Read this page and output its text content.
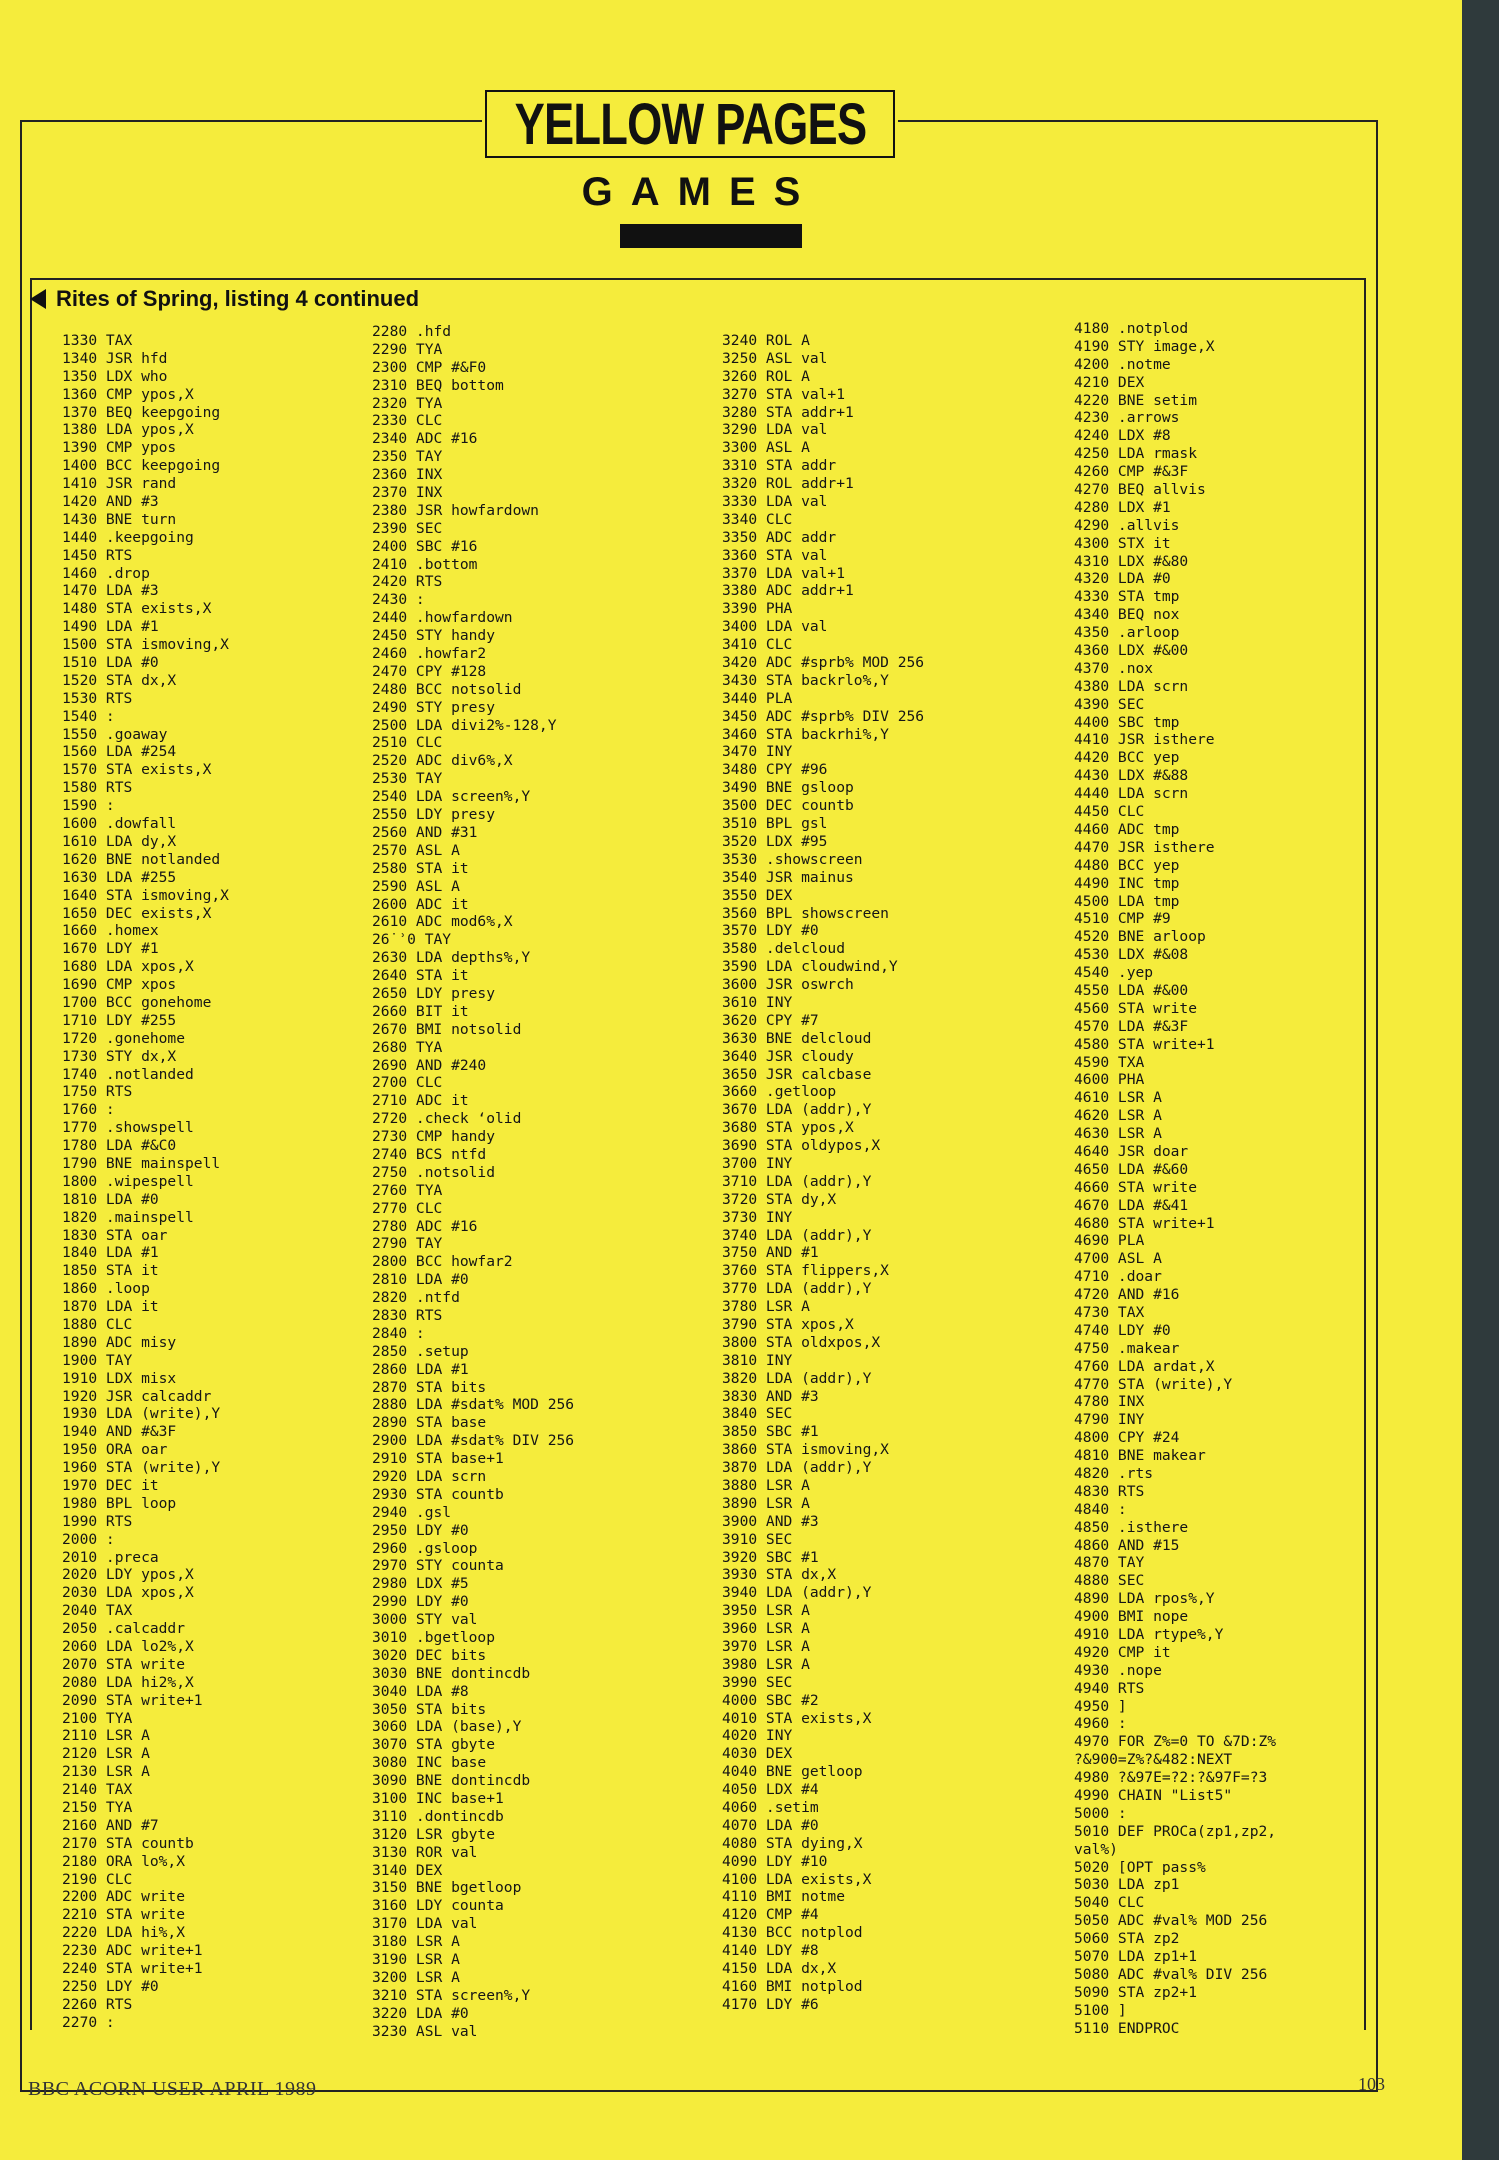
YELLOW PAGES
GAMES
Rites of Spring, listing 4 continued
1330 TAX
1340 JSR hfd
1350 LDX who
1360 CMP ypos,X
1370 BEQ keepgoing
1380 LDA ypos,X
1390 CMP ypos
1400 BCC keepgoing
1410 JSR rand
1420 AND #3
1430 BNE turn
1440 .keepgoing
1450 RTS
1460 .drop
1470 LDA #3
1480 STA exists,X
1490 LDA #1
1500 STA ismoving,X
1510 LDA #0
1520 STA dx,X
1530 RTS
1540 :
1550 .goaway
1560 LDA #254
1570 STA exists,X
1580 RTS
1590 :
1600 .dowfall
1610 LDA dy,X
1620 BNE notlanded
1630 LDA #255
1640 STA ismoving,X
1650 DEC exists,X
1660 .homex
1670 LDY #1
1680 LDA xpos,X
1690 CMP xpos
1700 BCC gonehome
1710 LDY #255
1720 .gonehome
1730 STY dx,X
1740 .notlanded
1750 RTS
1760 :
1770 .showspell
1780 LDA #&C0
1790 BNE mainspell
1800 .wipespell
1810 LDA #0
1820 .mainspell
1830 STA oar
1840 LDA #1
1850 STA it
1860 .loop
1870 LDA it
1880 CLC
1890 ADC misy
1900 TAY
1910 LDX misx
1920 JSR calcaddr
1930 LDA (write),Y
1940 AND #&3F
1950 ORA oar
1960 STA (write),Y
1970 DEC it
1980 BPL loop
1990 RTS
2000 :
2010 .preca
2020 LDY ypos,X
2030 LDA xpos,X
2040 TAX
2050 .calcaddr
2060 LDA lo2%,X
2070 STA write
2080 LDA hi2%,X
2090 STA write+1
2100 TYA
2110 LSR A
2120 LSR A
2130 LSR A
2140 TAX
2150 TYA
2160 AND #7
2170 STA countb
2180 ORA lo%,X
2190 CLC
2200 ADC write
2210 STA write
2220 LDA hi%,X
2230 ADC write+1
2240 STA write+1
2250 LDY #0
2260 RTS
2270 :
2280 .hfd
2290 TYA
2300 CMP #&F0
2310 BEQ bottom
2320 TYA
2330 CLC
2340 ADC #16
2350 TAY
2360 INX
2370 INX
2380 JSR howfardown
2390 SEC
2400 SBC #16
2410 .bottom
2420 RTS
2430 :
2440 .howfardown
2450 STY handy
2460 .howfar2
2470 CPY #128
2480 BCC notsolid
2490 STY presy
2500 LDA divi2%-128,Y
2510 CLC
2520 ADC div6%,X
2530 TAY
2540 LDA screen%,Y
2550 LDY presy
2560 AND #31
2570 ASL A
2580 STA it
2590 ASL A
2600 ADC it
2610 ADC mod6%,X
26˙ʾ0 TAY
2630 LDA depths%,Y
2640 STA it
2650 LDY presy
2660 BIT it
2670 BMI notsolid
2680 TYA
2690 AND #240
2700 CLC
2710 ADC it
2720 .check ʻolid
2730 CMP handy
2740 BCS ntfd
2750 .notsolid
2760 TYA
2770 CLC
2780 ADC #16
2790 TAY
2800 BCC howfar2
2810 LDA #0
2820 .ntfd
2830 RTS
2840 :
2850 .setup
2860 LDA #1
2870 STA bits
2880 LDA #sdat% MOD 256
2890 STA base
2900 LDA #sdat% DIV 256
2910 STA base+1
2920 LDA scrn
2930 STA countb
2940 .gsl
2950 LDY #0
2960 .gsloop
2970 STY counta
2980 LDX #5
2990 LDY #0
3000 STY val
3010 .bgetloop
3020 DEC bits
3030 BNE dontincdb
3040 LDA #8
3050 STA bits
3060 LDA (base),Y
3070 STA gbyte
3080 INC base
3090 BNE dontincdb
3100 INC base+1
3110 .dontincdb
3120 LSR gbyte
3130 ROR val
3140 DEX
3150 BNE bgetloop
3160 LDY counta
3170 LDA val
3180 LSR A
3190 LSR A
3200 LSR A
3210 STA screen%,Y
3220 LDA #0
3230 ASL val
3240 ROL A
3250 ASL val
3260 ROL A
3270 STA val+1
3280 STA addr+1
3290 LDA val
3300 ASL A
3310 STA addr
3320 ROL addr+1
3330 LDA val
3340 CLC
3350 ADC addr
3360 STA val
3370 LDA val+1
3380 ADC addr+1
3390 PHA
3400 LDA val
3410 CLC
3420 ADC #sprb% MOD 256
3430 STA backrlo%,Y
3440 PLA
3450 ADC #sprb% DIV 256
3460 STA backrhi%,Y
3470 INY
3480 CPY #96
3490 BNE gsloop
3500 DEC countb
3510 BPL gsl
3520 LDX #95
3530 .showscreen
3540 JSR mainus
3550 DEX
3560 BPL showscreen
3570 LDY #0
3580 .delcloud
3590 LDA cloudwind,Y
3600 JSR oswrch
3610 INY
3620 CPY #7
3630 BNE delcloud
3640 JSR cloudy
3650 JSR calcbase
3660 .getloop
3670 LDA (addr),Y
3680 STA ypos,X
3690 STA oldypos,X
3700 INY
3710 LDA (addr),Y
3720 STA dy,X
3730 INY
3740 LDA (addr),Y
3750 AND #1
3760 STA flippers,X
3770 LDA (addr),Y
3780 LSR A
3790 STA xpos,X
3800 STA oldxpos,X
3810 INY
3820 LDA (addr),Y
3830 AND #3
3840 SEC
3850 SBC #1
3860 STA ismoving,X
3870 LDA (addr),Y
3880 LSR A
3890 LSR A
3900 AND #3
3910 SEC
3920 SBC #1
3930 STA dx,X
3940 LDA (addr),Y
3950 LSR A
3960 LSR A
3970 LSR A
3980 LSR A
3990 SEC
4000 SBC #2
4010 STA exists,X
4020 INY
4030 DEX
4040 BNE getloop
4050 LDX #4
4060 .setim
4070 LDA #0
4080 STA dying,X
4090 LDY #10
4100 LDA exists,X
4110 BMI notme
4120 CMP #4
4130 BCC notplod
4140 LDY #8
4150 LDA dx,X
4160 BMI notplod
4170 LDY #6
4180 .notplod
4190 STY image,X
4200 .notme
4210 DEX
4220 BNE setim
4230 .arrows
4240 LDX #8
4250 LDA rmask
4260 CMP #&3F
4270 BEQ allvis
4280 LDX #1
4290 .allvis
4300 STX it
4310 LDX #&80
4320 LDA #0
4330 STA tmp
4340 BEQ nox
4350 .arloop
4360 LDX #&00
4370 .nox
4380 LDA scrn
4390 SEC
4400 SBC tmp
4410 JSR isthere
4420 BCC yep
4430 LDX #&88
4440 LDA scrn
4450 CLC
4460 ADC tmp
4470 JSR isthere
4480 BCC yep
4490 INC tmp
4500 LDA tmp
4510 CMP #9
4520 BNE arloop
4530 LDX #&08
4540 .yep
4550 LDA #&00
4560 STA write
4570 LDA #&3F
4580 STA write+1
4590 TXA
4600 PHA
4610 LSR A
4620 LSR A
4630 LSR A
4640 JSR doar
4650 LDA #&60
4660 STA write
4670 LDA #&41
4680 STA write+1
4690 PLA
4700 ASL A
4710 .doar
4720 AND #16
4730 TAX
4740 LDY #0
4750 .makear
4760 LDA ardat,X
4770 STA (write),Y
4780 INX
4790 INY
4800 CPY #24
4810 BNE makear
4820 .rts
4830 RTS
4840 :
4850 .isthere
4860 AND #15
4870 TAY
4880 SEC
4890 LDA rpos%,Y
4900 BMI nope
4910 LDA rtype%,Y
4920 CMP it
4930 .nope
4940 RTS
4950 ]
4960 :
4970 FOR Z%=0 TO &7D:Z%
?&900=Z%?&482:NEXT
4980 ?&97E=?2:?&97F=?3
4990 CHAIN "List5"
5000 :
5010 DEF PROCa(zp1,zp2,
val%)
5020 [OPT pass%
5030 LDA zp1
5040 CLC
5050 ADC #val% MOD 256
5060 STA zp2
5070 LDA zp1+1
5080 ADC #val% DIV 256
5090 STA zp2+1
5100 ]
5110 ENDPROC
BBC ACORN USER APRIL 1989	103
